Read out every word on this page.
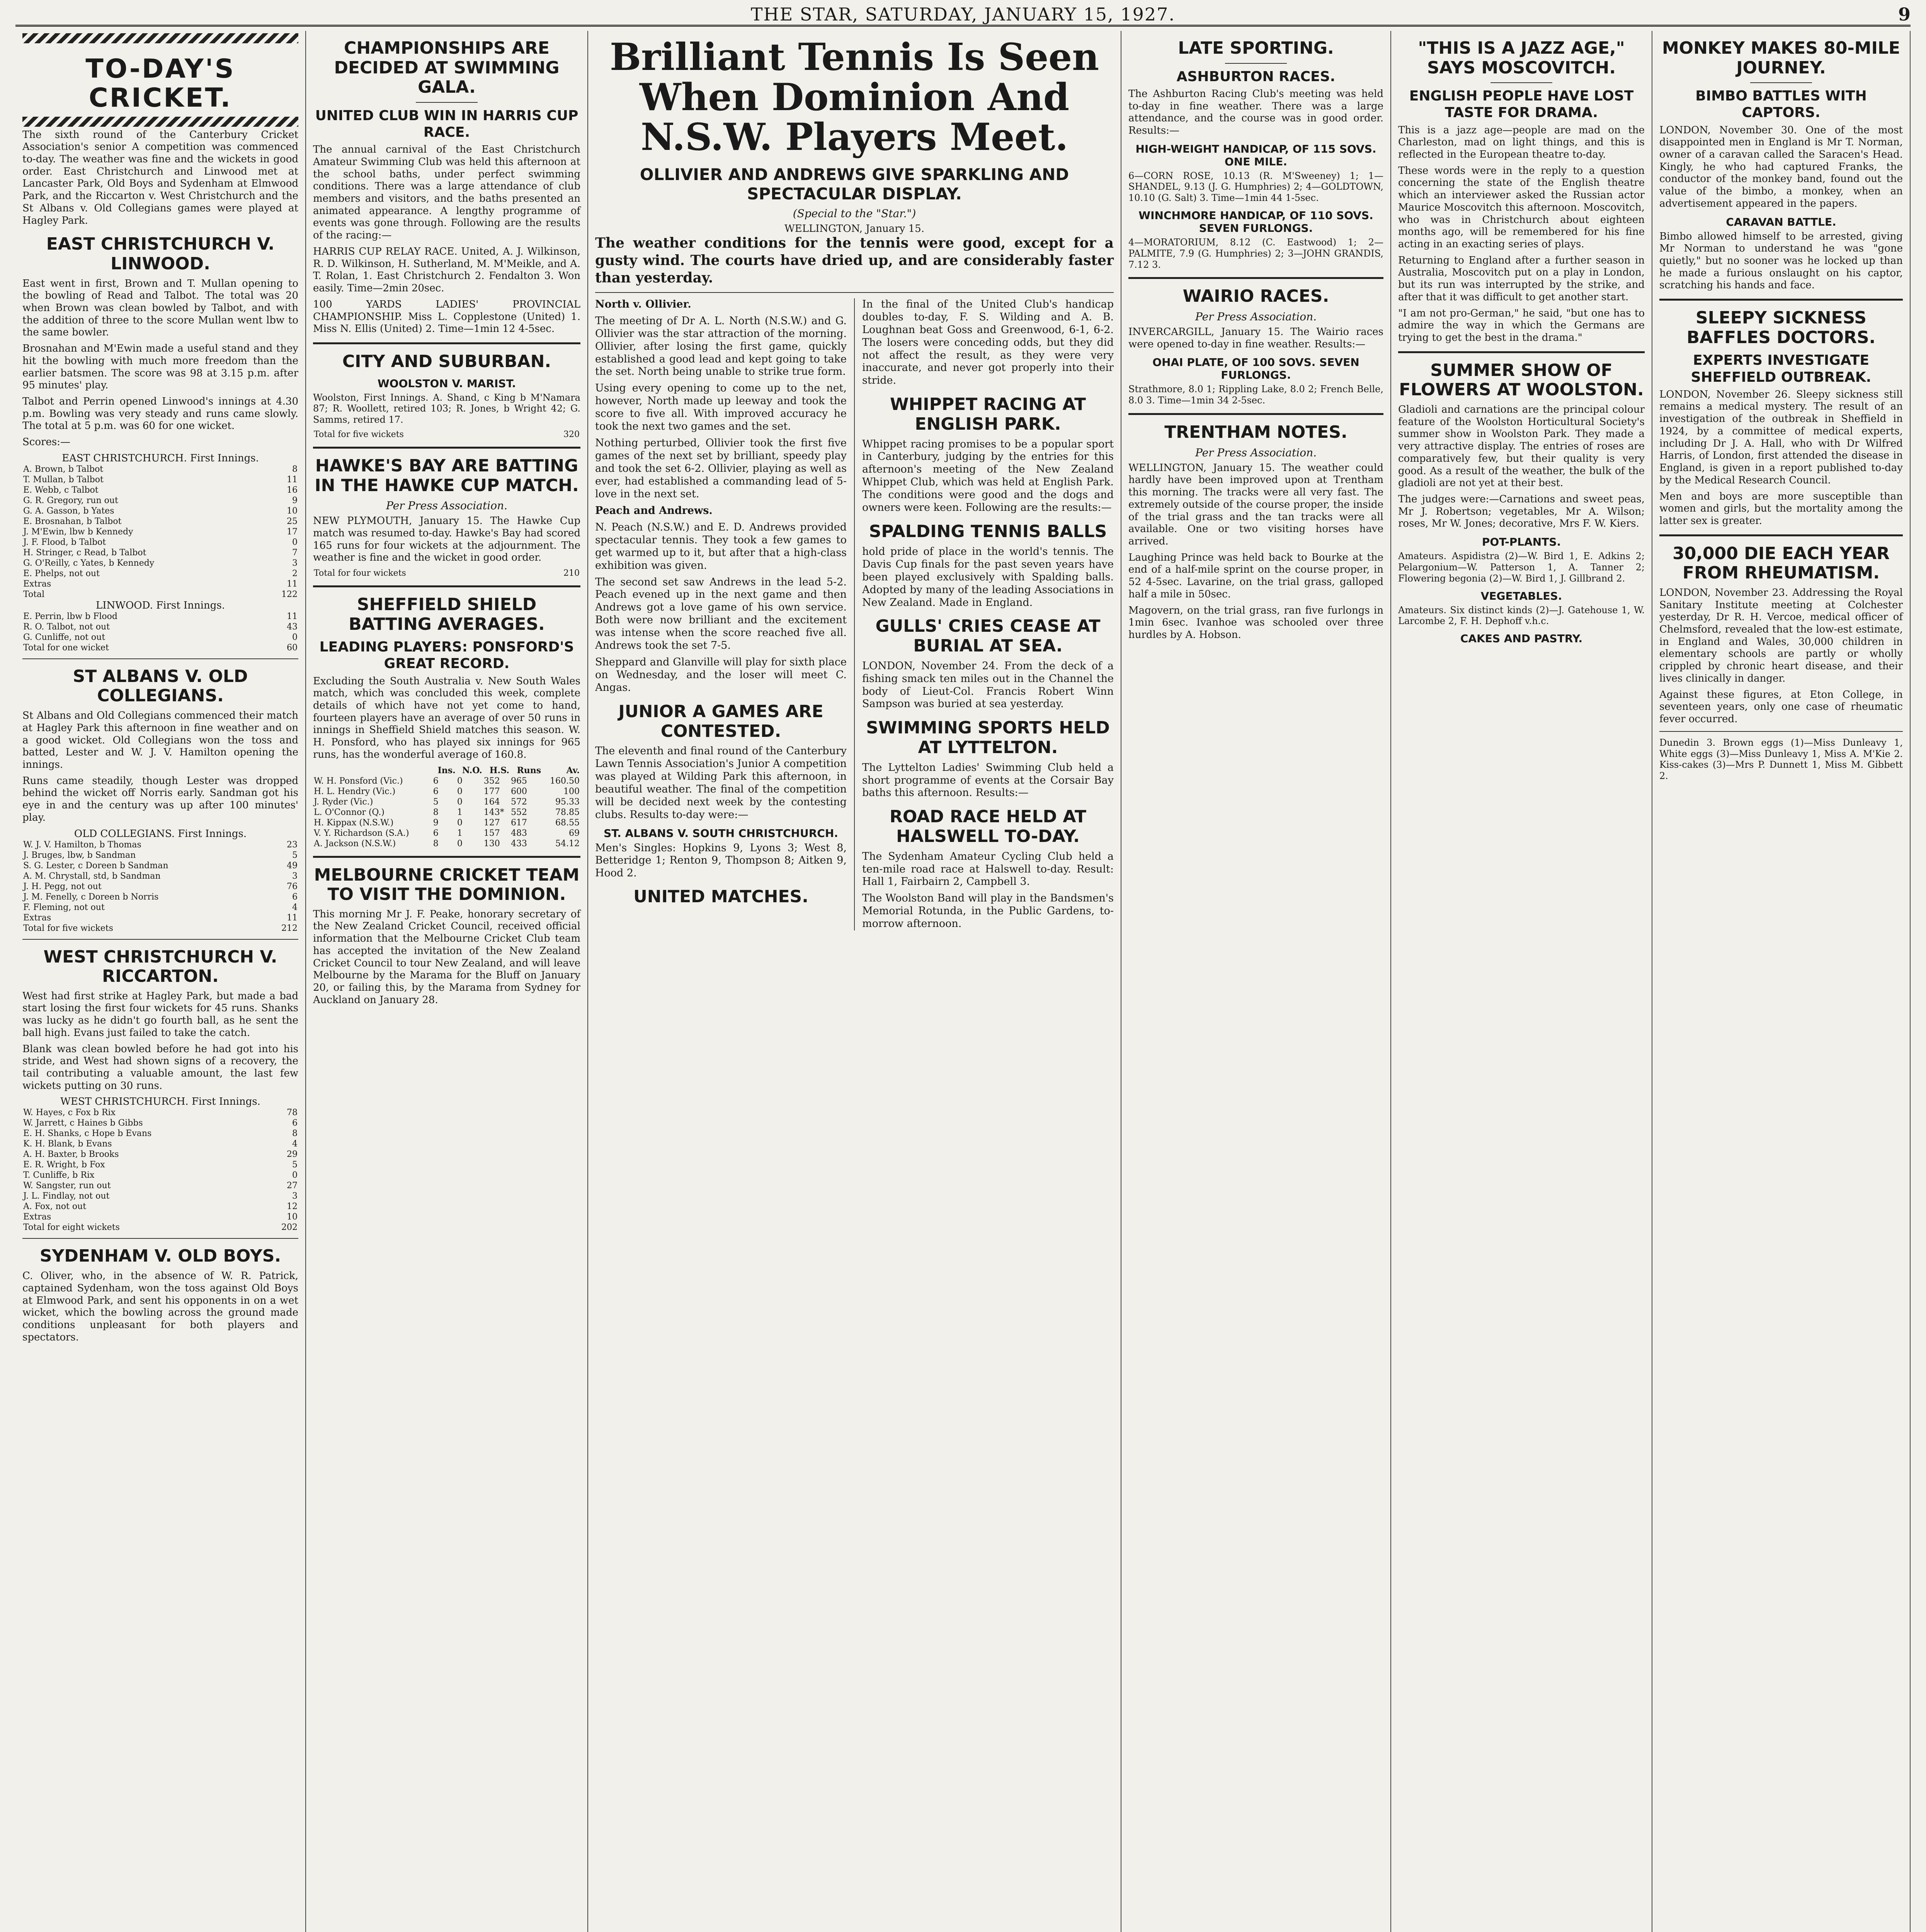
THE STAR, SATURDAY, JANUARY 15, 1927.	9
TO-DAY'S CRICKET.

The sixth round of the Canterbury Cricket Association's senior A competition was commenced to-day. The weather was fine and the wickets in good order. East Christchurch and Linwood met at Lancaster Park, Old Boys and Sydenham at Elmwood Park, and the Riccarton v. West Christchurch and the St Albans v. Old Collegians games were played at Hagley Park.

EAST CHRISTCHURCH V. LINWOOD.

East went in first, Brown and T. Mullan opening to the bowling of Read and Talbot. The total was 20 when Brown was clean bowled by Talbot, and with the addition of three to the score Mullan went lbw to the same bowler.

Brosnahan and M'Ewin made a useful stand and they hit the bowling with much more freedom than the earlier batsmen. The score was 98 at 3.15 p.m. after 95 minutes' play.

Talbot and Perrin opened Linwood's innings at 4.30 p.m. Bowling was very steady and runs came slowly. The total at 5 p.m. was 60 for one wicket.

Scores:—

EAST CHRISTCHURCH. First Innings.
A. Brown, b Talbot	8
T. Mullan, b Talbot	11
E. Webb, c Talbot	16
G. R. Gregory, run out	9
G. A. Gasson, b Yates	10
E. Brosnahan, b Talbot	25
J. M'Ewin, lbw b Kennedy	17
J. F. Flood, b Talbot	0
H. Stringer, c Read, b Talbot	7
G. O'Reilly, c Yates, b Kennedy	3
E. Phelps, not out	2
Extras	11
Total	122
LINWOOD. First Innings.
E. Perrin, lbw b Flood	11
R. O. Talbot, not out	43
G. Cunliffe, not out	0
Total for one wicket	60
ST ALBANS V. OLD COLLEGIANS.

St Albans and Old Collegians commenced their match at Hagley Park this afternoon in fine weather and on a good wicket. Old Collegians won the toss and batted, Lester and W. J. V. Hamilton opening the innings.

Runs came steadily, though Lester was dropped behind the wicket off Norris early. Sandman got his eye in and the century was up after 100 minutes' play.

OLD COLLEGIANS. First Innings.
W. J. V. Hamilton, b Thomas	23
J. Bruges, lbw, b Sandman	5
S. G. Lester, c Doreen b Sandman	49
A. M. Chrystall, std, b Sandman	3
J. H. Pegg, not out	76
J. M. Fenelly, c Doreen b Norris	6
F. Fleming, not out	4
Extras	11
Total for five wickets	212
WEST CHRISTCHURCH V. RICCARTON.

West had first strike at Hagley Park, but made a bad start losing the first four wickets for 45 runs. Shanks was lucky as he didn't go fourth ball, as he sent the ball high. Evans just failed to take the catch.

Blank was clean bowled before he had got into his stride, and West had shown signs of a recovery, the tail contributing a valuable amount, the last few wickets putting on 30 runs.

WEST CHRISTCHURCH. First Innings.
W. Hayes, c Fox b Rix	78
W. Jarrett, c Haines b Gibbs	6
E. H. Shanks, c Hope b Evans	8
K. H. Blank, b Evans	4
A. H. Baxter, b Brooks	29
E. R. Wright, b Fox	5
T. Cunliffe, b Rix	0
W. Sangster, run out	27
J. L. Findlay, not out	3
A. Fox, not out	12
Extras	10
Total for eight wickets	202
SYDENHAM V. OLD BOYS.

C. Oliver, who, in the absence of W. R. Patrick, captained Sydenham, won the toss against Old Boys at Elmwood Park, and sent his opponents in on a wet wicket, which the bowling across the ground made conditions unpleasant for both players and spectators.

CHAMPIONSHIPS ARE DECIDED AT SWIMMING GALA.
UNITED CLUB WIN IN HARRIS CUP RACE.

The annual carnival of the East Christchurch Amateur Swimming Club was held this afternoon at the school baths, under perfect swimming conditions. There was a large attendance of club members and visitors, and the baths presented an animated appearance. A lengthy programme of events was gone through. Following are the results of the racing:—

HARRIS CUP RELAY RACE. United, A. J. Wilkinson, R. D. Wilkinson, H. Sutherland, M. M'Meikle, and A. T. Rolan, 1. East Christchurch 2. Fendalton 3. Won easily. Time—2min 20sec.

100 YARDS LADIES' PROVINCIAL CHAMPIONSHIP. Miss L. Copplestone (United) 1. Miss N. Ellis (United) 2. Time—1min 12 4-5sec.

CITY AND SUBURBAN.
WOOLSTON V. MARIST.

Woolston, First Innings. A. Shand, c King b M'Namara 87; R. Woollett, retired 103; R. Jones, b Wright 42; G. Samms, retired 17.

Total for five wickets	320
HAWKE'S BAY ARE BATTING IN THE HAWKE CUP MATCH.
Per Press Association.

NEW PLYMOUTH, January 15. The Hawke Cup match was resumed to-day. Hawke's Bay had scored 165 runs for four wickets at the adjournment. The weather is fine and the wicket in good order.

Total for four wickets	210
SHEFFIELD SHIELD BATTING AVERAGES.
LEADING PLAYERS: PONSFORD'S GREAT RECORD.

Excluding the South Australia v. New South Wales match, which was concluded this week, complete details of which have not yet come to hand, fourteen players have an average of over 50 runs in innings in Sheffield Shield matches this season. W. H. Ponsford, who has played six innings for 965 runs, has the wonderful average of 160.8.

	Ins.	N.O.	H.S.	Runs	Av.
W. H. Ponsford (Vic.)	6	0	352	965	160.50
H. L. Hendry (Vic.)	6	0	177	600	100
J. Ryder (Vic.)	5	0	164	572	95.33
L. O'Connor (Q.)	8	1	143*	552	78.85
H. Kippax (N.S.W.)	9	0	127	617	68.55
V. Y. Richardson (S.A.)	6	1	157	483	69
A. Jackson (N.S.W.)	8	0	130	433	54.12
MELBOURNE CRICKET TEAM TO VISIT THE DOMINION.

This morning Mr J. F. Peake, honorary secretary of the New Zealand Cricket Council, received official information that the Melbourne Cricket Club team has accepted the invitation of the New Zealand Cricket Council to tour New Zealand, and will leave Melbourne by the Marama for the Bluff on January 20, or failing this, by the Marama from Sydney for Auckland on January 28.

Brilliant Tennis Is Seen When Dominion And N.S.W. Players Meet.
OLLIVIER AND ANDREWS GIVE SPARKLING AND SPECTACULAR DISPLAY.
(Special to the "Star.")
WELLINGTON, January 15.

The weather conditions for the tennis were good, except for a gusty wind. The courts have dried up, and are considerably faster than yesterday.

North v. Ollivier.

The meeting of Dr A. L. North (N.S.W.) and G. Ollivier was the star attraction of the morning. Ollivier, after losing the first game, quickly established a good lead and kept going to take the set. North being unable to strike true form.

Using every opening to come up to the net, however, North made up leeway and took the score to five all. With improved accuracy he took the next two games and the set.

Nothing perturbed, Ollivier took the first five games of the next set by brilliant, speedy play and took the set 6-2. Ollivier, playing as well as ever, had established a commanding lead of 5-love in the next set.

Peach and Andrews.

N. Peach (N.S.W.) and E. D. Andrews provided spectacular tennis. They took a few games to get warmed up to it, but after that a high-class exhibition was given.

The second set saw Andrews in the lead 5-2. Peach evened up in the next game and then Andrews got a love game of his own service. Both were now brilliant and the excitement was intense when the score reached five all. Andrews took the set 7-5.

Sheppard and Glanville will play for sixth place on Wednesday, and the loser will meet C. Angas.

JUNIOR A GAMES ARE CONTESTED.

The eleventh and final round of the Canterbury Lawn Tennis Association's Junior A competition was played at Wilding Park this afternoon, in beautiful weather. The final of the competition will be decided next week by the contesting clubs. Results to-day were:—

ST. ALBANS V. SOUTH CHRISTCHURCH.

Men's Singles: Hopkins 9, Lyons 3; West 8, Betteridge 1; Renton 9, Thompson 8; Aitken 9, Hood 2.

UNITED MATCHES.

In the final of the United Club's handicap doubles to-day, F. S. Wilding and A. B. Loughnan beat Goss and Greenwood, 6-1, 6-2. The losers were conceding odds, but they did not affect the result, as they were very inaccurate, and never got properly into their stride.

WHIPPET RACING AT ENGLISH PARK.

Whippet racing promises to be a popular sport in Canterbury, judging by the entries for this afternoon's meeting of the New Zealand Whippet Club, which was held at English Park. The conditions were good and the dogs and owners were keen. Following are the results:—

SPALDING TENNIS BALLS

hold pride of place in the world's tennis. The Davis Cup finals for the past seven years have been played exclusively with Spalding balls. Adopted by many of the leading Associations in New Zealand. Made in England.

GULLS' CRIES CEASE AT BURIAL AT SEA.

LONDON, November 24. From the deck of a fishing smack ten miles out in the Channel the body of Lieut-Col. Francis Robert Winn Sampson was buried at sea yesterday.

SWIMMING SPORTS HELD AT LYTTELTON.

The Lyttelton Ladies' Swimming Club held a short programme of events at the Corsair Bay baths this afternoon. Results:—

ROAD RACE HELD AT HALSWELL TO-DAY.

The Sydenham Amateur Cycling Club held a ten-mile road race at Halswell to-day. Result: Hall 1, Fairbairn 2, Campbell 3.

The Woolston Band will play in the Bandsmen's Memorial Rotunda, in the Public Gardens, to-morrow afternoon.

LATE SPORTING.
ASHBURTON RACES.

The Ashburton Racing Club's meeting was held to-day in fine weather. There was a large attendance, and the course was in good order. Results:—

HIGH-WEIGHT HANDICAP, OF 115 SOVS. ONE MILE.

6—CORN ROSE, 10.13 (R. M'Sweeney) 1; 1—SHANDEL, 9.13 (J. G. Humphries) 2; 4—GOLDTOWN, 10.10 (G. Salt) 3. Time—1min 44 1-5sec.

WINCHMORE HANDICAP, OF 110 SOVS. SEVEN FURLONGS.

4—MORATORIUM, 8.12 (C. Eastwood) 1; 2—PALMITE, 7.9 (G. Humphries) 2; 3—JOHN GRANDIS, 7.12 3.

WAIRIO RACES.
Per Press Association.

INVERCARGILL, January 15. The Wairio races were opened to-day in fine weather. Results:—

OHAI PLATE, OF 100 SOVS. SEVEN FURLONGS.

Strathmore, 8.0 1; Rippling Lake, 8.0 2; French Belle, 8.0 3. Time—1min 34 2-5sec.

TRENTHAM NOTES.
Per Press Association.

WELLINGTON, January 15. The weather could hardly have been improved upon at Trentham this morning. The tracks were all very fast. The extremely outside of the course proper, the inside of the trial grass and the tan tracks were all available. One or two visiting horses have arrived.

Laughing Prince was held back to Bourke at the end of a half-mile sprint on the course proper, in 52 4-5sec. Lavarine, on the trial grass, galloped half a mile in 50sec.

Magovern, on the trial grass, ran five furlongs in 1min 6sec. Ivanhoe was schooled over three hurdles by A. Hobson.

"THIS IS A JAZZ AGE," SAYS MOSCOVITCH.
ENGLISH PEOPLE HAVE LOST TASTE FOR DRAMA.

This is a jazz age—people are mad on the Charleston, mad on light things, and this is reflected in the European theatre to-day.

These words were in the reply to a question concerning the state of the English theatre which an interviewer asked the Russian actor Maurice Moscovitch this afternoon. Moscovitch, who was in Christchurch about eighteen months ago, will be remembered for his fine acting in an exacting series of plays.

Returning to England after a further season in Australia, Moscovitch put on a play in London, but its run was interrupted by the strike, and after that it was difficult to get another start.

"I am not pro-German," he said, "but one has to admire the way in which the Germans are trying to get the best in the drama."

SUMMER SHOW OF FLOWERS AT WOOLSTON.

Gladioli and carnations are the principal colour feature of the Woolston Horticultural Society's summer show in Woolston Park. They made a very attractive display. The entries of roses are comparatively few, but their quality is very good. As a result of the weather, the bulk of the gladioli are not yet at their best.

The judges were:—Carnations and sweet peas, Mr J. Robertson; vegetables, Mr A. Wilson; roses, Mr W. Jones; decorative, Mrs F. W. Kiers.

POT-PLANTS.

Amateurs. Aspidistra (2)—W. Bird 1, E. Adkins 2; Pelargonium—W. Patterson 1, A. Tanner 2; Flowering begonia (2)—W. Bird 1, J. Gillbrand 2.

VEGETABLES.

Amateurs. Six distinct kinds (2)—J. Gatehouse 1, W. Larcombe 2, F. H. Dephoff v.h.c.

CAKES AND PASTRY.
MONKEY MAKES 80-MILE JOURNEY.
BIMBO BATTLES WITH CAPTORS.

LONDON, November 30. One of the most disappointed men in England is Mr T. Norman, owner of a caravan called the Saracen's Head. Kingly, he who had captured Franks, the conductor of the monkey band, found out the value of the bimbo, a monkey, when an advertisement appeared in the papers.

CARAVAN BATTLE.

Bimbo allowed himself to be arrested, giving Mr Norman to understand he was "gone quietly," but no sooner was he locked up than he made a furious onslaught on his captor, scratching his hands and face.

SLEEPY SICKNESS BAFFLES DOCTORS.
EXPERTS INVESTIGATE SHEFFIELD OUTBREAK.

LONDON, November 26. Sleepy sickness still remains a medical mystery. The result of an investigation of the outbreak in Sheffield in 1924, by a committee of medical experts, including Dr J. A. Hall, who with Dr Wilfred Harris, of London, first attended the disease in England, is given in a report published to-day by the Medical Research Council.

Men and boys are more susceptible than women and girls, but the mortality among the latter sex is greater.

30,000 DIE EACH YEAR FROM RHEUMATISM.

LONDON, November 23. Addressing the Royal Sanitary Institute meeting at Colchester yesterday, Dr R. H. Vercoe, medical officer of Chelmsford, revealed that the low-est estimate, in England and Wales, 30,000 children in elementary schools are partly or wholly crippled by chronic heart disease, and their lives clinically in danger.

Against these figures, at Eton College, in seventeen years, only one case of rheumatic fever occurred.

Dunedin 3. Brown eggs (1)—Miss Dunleavy 1, White eggs (3)—Miss Dunleavy 1, Miss A. M'Kie 2. Kiss-cakes (3)—Mrs P. Dunnett 1, Miss M. Gibbett 2.
